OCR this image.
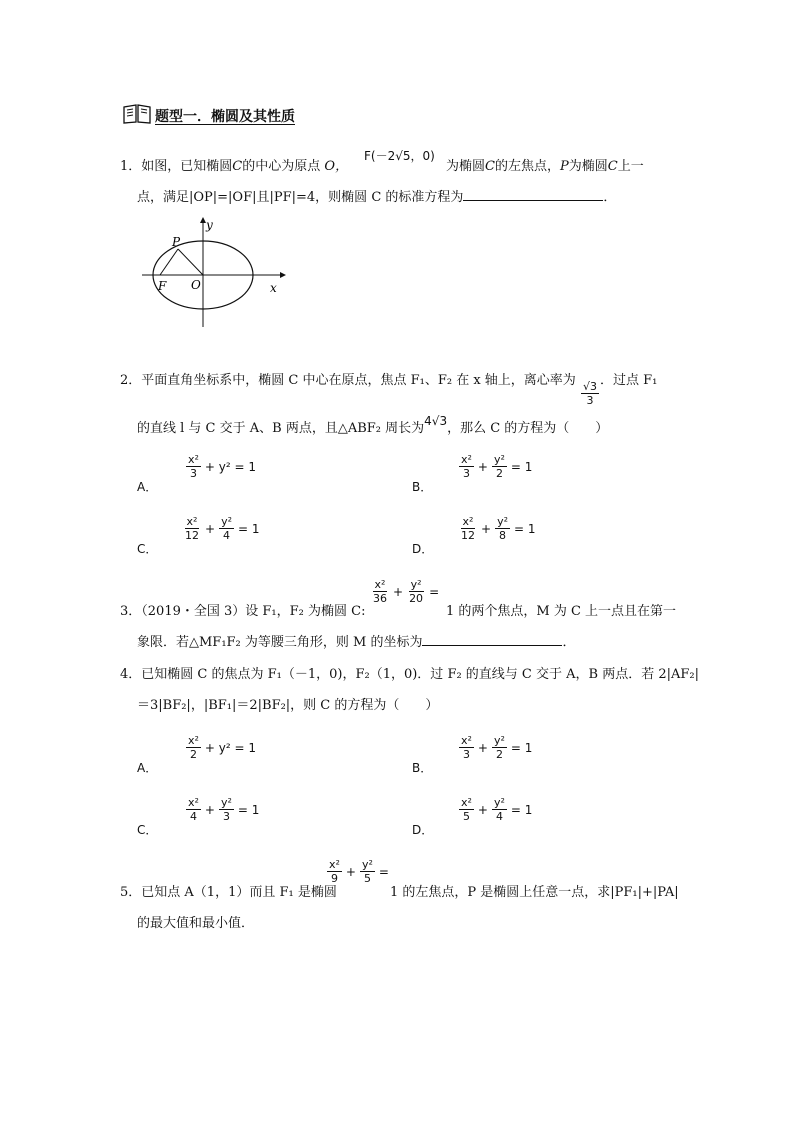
题型一．椭圆及其性质
1．如图，已知椭圆C的中心为原点 O，
F(－2√5，0)
为椭圆C的左焦点，P为椭圆C上一
点，满足|OP|=|OF|且|PF|=4，则椭圆 C 的标准方程为	．
y
x
P
F O
2．平面直角坐标系中，椭圆 C 中心在原点，焦点 F₁、F₂ 在 x 轴上，离心率为 $\frac{√3}{3}$ ．过点 F₁
的直线 l 与 C 交于 A、B 两点，且△ABF₂ 周长为4√3，那么 C 的方程为（　　）
A．
$\frac{\text{x²}}{3} + y^2 = 1$
B．
$\frac{\text{x²}}{3} + \frac{\text{y²}}{2} = 1$
C．
$\frac{\text{x²}}{12} + \frac{\text{y²}}{4} = 1$
D．
$\frac{\text{x²}}{12} + \frac{\text{y²}}{8} = 1$
3．（2019・全国 3）设 F₁，F₂ 为椭圆 C:
$\frac{\text{x²}}{36} + \frac{\text{y²}}{20}$ =
1 的两个焦点，M 为 C 上一点且在第一
象限．若△MF₁F₂ 为等腰三角形，则 M 的坐标为	．
4．已知椭圆 C 的焦点为 F₁（－1，0)，F₂（1，0)．过 F₂ 的直线与 C 交于 A，B 两点．若 2|AF₂|
＝3|BF₂|，|BF₁|＝2|BF₂|，则 C 的方程为（　　）
A．
$\frac{\text{x²}}{2} + y^2 = 1$
B．
$\frac{\text{x²}}{3} + \frac{\text{y²}}{2} = 1$
C．
$\frac{\text{x²}}{4} + \frac{\text{y²}}{3} = 1$
D．
$\frac{\text{x²}}{5} + \frac{\text{y²}}{4} = 1$
5．已知点 A（1，1）而且 F₁ 是椭圆
$\frac{\text{x²}}{9} + \frac{\text{y²}}{5}$ =
1 的左焦点，P 是椭圆上任意一点，求|PF₁|+|PA|
的最大值和最小值．
